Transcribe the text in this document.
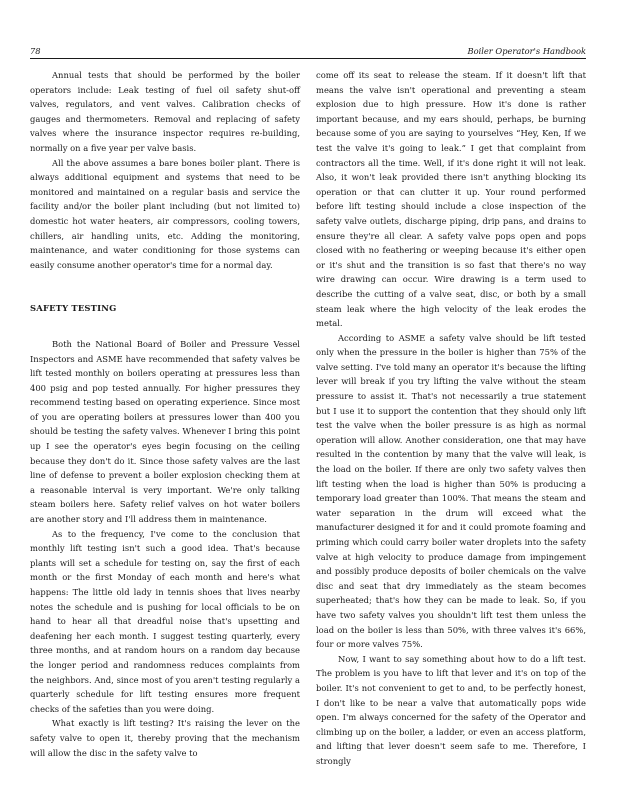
78	Boiler Operator's Handbook

Annual tests that should be performed by the boiler operators include: Leak testing of fuel oil safety shut-off valves, regulators, and vent valves. Calibration checks of gauges and thermometers. Removal and replacing of safety valves where the insurance inspector requires re-building, normally on a five year per valve basis.

All the above assumes a bare bones boiler plant. There is always additional equipment and systems that need to be monitored and maintained on a regular basis and service the facility and/or the boiler plant including (but not limited to) domestic hot water heaters, air compressors, cooling towers, chillers, air handling units, etc. Adding the monitoring, maintenance, and water conditioning for those systems can easily consume another operator's time for a normal day.

SAFETY TESTING

Both the National Board of Boiler and Pressure Vessel Inspectors and ASME have recommended that safety valves be lift tested monthly on boilers operating at pressures less than 400 psig and pop tested annually. For higher pressures they recommend testing based on operating experience. Since most of you are operating boilers at pressures lower than 400 you should be testing the safety valves. Whenever I bring this point up I see the operator's eyes begin focusing on the ceiling because they don't do it. Since those safety valves are the last line of defense to prevent a boiler explosion checking them at a reasonable interval is very important. We're only talking steam boilers here. Safety relief valves on hot water boilers are another story and I'll address them in maintenance.

As to the frequency, I've come to the conclusion that monthly lift testing isn't such a good idea. That's because plants will set a schedule for testing on, say the first of each month or the first Monday of each month and here's what happens: The little old lady in tennis shoes that lives nearby notes the schedule and is pushing for local officials to be on hand to hear all that dreadful noise that's upsetting and deafening her each month. I suggest testing quarterly, every three months, and at random hours on a random day because the longer period and randomness reduces complaints from the neighbors. And, since most of you aren't testing regularly a quarterly schedule for lift testing ensures more frequent checks of the safeties than you were doing.

What exactly is lift testing? It's raising the lever on the safety valve to open it, thereby proving that the mechanism will allow the disc in the safety valve to

come off its seat to release the steam. If it doesn't lift that means the valve isn't operational and preventing a steam explosion due to high pressure. How it's done is rather important because, and my ears should, perhaps, be burning because some of you are saying to yourselves “Hey, Ken, If we test the valve it's going to leak.” I get that complaint from contractors all the time. Well, if it's done right it will not leak. Also, it won't leak provided there isn't anything blocking its operation or that can clutter it up. Your round performed before lift testing should include a close inspection of the safety valve outlets, discharge piping, drip pans, and drains to ensure they're all clear. A safety valve pops open and pops closed with no feathering or weeping because it's either open or it's shut and the transition is so fast that there's no way wire drawing can occur. Wire drawing is a term used to describe the cutting of a valve seat, disc, or both by a small steam leak where the high velocity of the leak erodes the metal.

According to ASME a safety valve should be lift tested only when the pressure in the boiler is higher than 75% of the valve setting. I've told many an operator it's because the lifting lever will break if you try lifting the valve without the steam pressure to assist it. That's not necessarily a true statement but I use it to support the contention that they should only lift test the valve when the boiler pressure is as high as normal operation will allow. Another consideration, one that may have resulted in the contention by many that the valve will leak, is the load on the boiler. If there are only two safety valves then lift testing when the load is higher than 50% is producing a temporary load greater than 100%. That means the steam and water separation in the drum will exceed what the manufacturer designed it for and it could promote foaming and priming which could carry boiler water droplets into the safety valve at high velocity to produce damage from impingement and possibly produce deposits of boiler chemicals on the valve disc and seat that dry immediately as the steam becomes superheated; that's how they can be made to leak. So, if you have two safety valves you shouldn't lift test them unless the load on the boiler is less than 50%, with three valves it's 66%, four or more valves 75%.

Now, I want to say something about how to do a lift test. The problem is you have to lift that lever and it's on top of the boiler. It's not convenient to get to and, to be perfectly honest, I don't like to be near a valve that automatically pops wide open. I'm always concerned for the safety of the Operator and climbing up on the boiler, a ladder, or even an access platform, and lifting that lever doesn't seem safe to me. Therefore, I strongly
